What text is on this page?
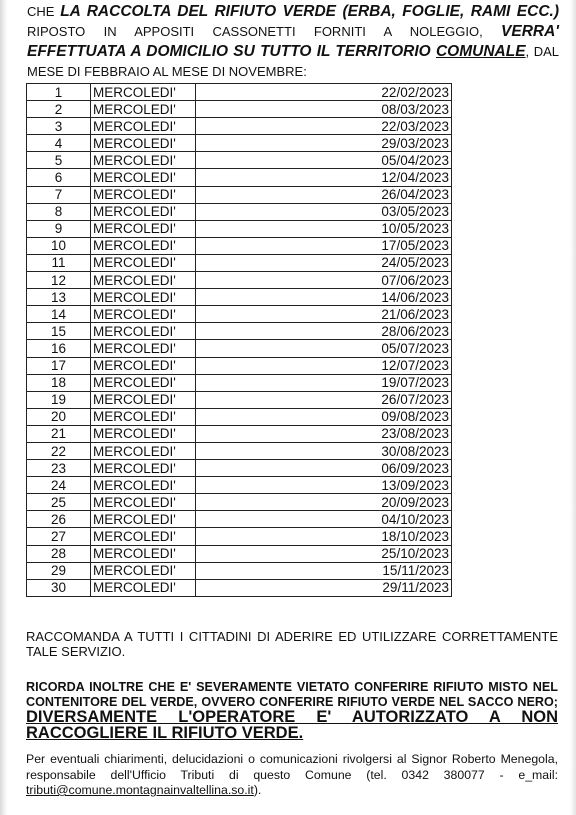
CHE LA RACCOLTA DEL RIFIUTO VERDE (ERBA, FOGLIE, RAMI ECC.) RIPOSTO IN APPOSITI CASSONETTI FORNITI A NOLEGGIO, VERRA' EFFETTUATA A DOMICILIO SU TUTTO IL TERRITORIO COMUNALE, DAL MESE DI FEBBRAIO AL MESE DI NOVEMBRE:
1	MERCOLEDI'	22/02/2023
2	MERCOLEDI'	08/03/2023
3	MERCOLEDI'	22/03/2023
4	MERCOLEDI'	29/03/2023
5	MERCOLEDI'	05/04/2023
6	MERCOLEDI'	12/04/2023
7	MERCOLEDI'	26/04/2023
8	MERCOLEDI'	03/05/2023
9	MERCOLEDI'	10/05/2023
10	MERCOLEDI'	17/05/2023
11	MERCOLEDI'	24/05/2023
12	MERCOLEDI'	07/06/2023
13	MERCOLEDI'	14/06/2023
14	MERCOLEDI'	21/06/2023
15	MERCOLEDI'	28/06/2023
16	MERCOLEDI'	05/07/2023
17	MERCOLEDI'	12/07/2023
18	MERCOLEDI'	19/07/2023
19	MERCOLEDI'	26/07/2023
20	MERCOLEDI'	09/08/2023
21	MERCOLEDI'	23/08/2023
22	MERCOLEDI'	30/08/2023
23	MERCOLEDI'	06/09/2023
24	MERCOLEDI'	13/09/2023
25	MERCOLEDI'	20/09/2023
26	MERCOLEDI'	04/10/2023
27	MERCOLEDI'	18/10/2023
28	MERCOLEDI'	25/10/2023
29	MERCOLEDI'	15/11/2023
30	MERCOLEDI'	29/11/2023
RACCOMANDA A TUTTI I CITTADINI DI ADERIRE ED UTILIZZARE CORRETTAMENTE TALE SERVIZIO.
RICORDA INOLTRE CHE E' SEVERAMENTE VIETATO CONFERIRE RIFIUTO MISTO NEL CONTENITORE DEL VERDE, OVVERO CONFERIRE RIFIUTO VERDE NEL SACCO NERO; DIVERSAMENTE L'OPERATORE E' AUTORIZZATO A NON RACCOGLIERE IL RIFIUTO VERDE.
Per eventuali chiarimenti, delucidazioni o comunicazioni rivolgersi al Signor Roberto Menegola, responsabile dell'Ufficio Tributi di questo Comune (tel. 0342 380077 - e_mail: tributi@comune.montagnainvaltellina.so.it).
